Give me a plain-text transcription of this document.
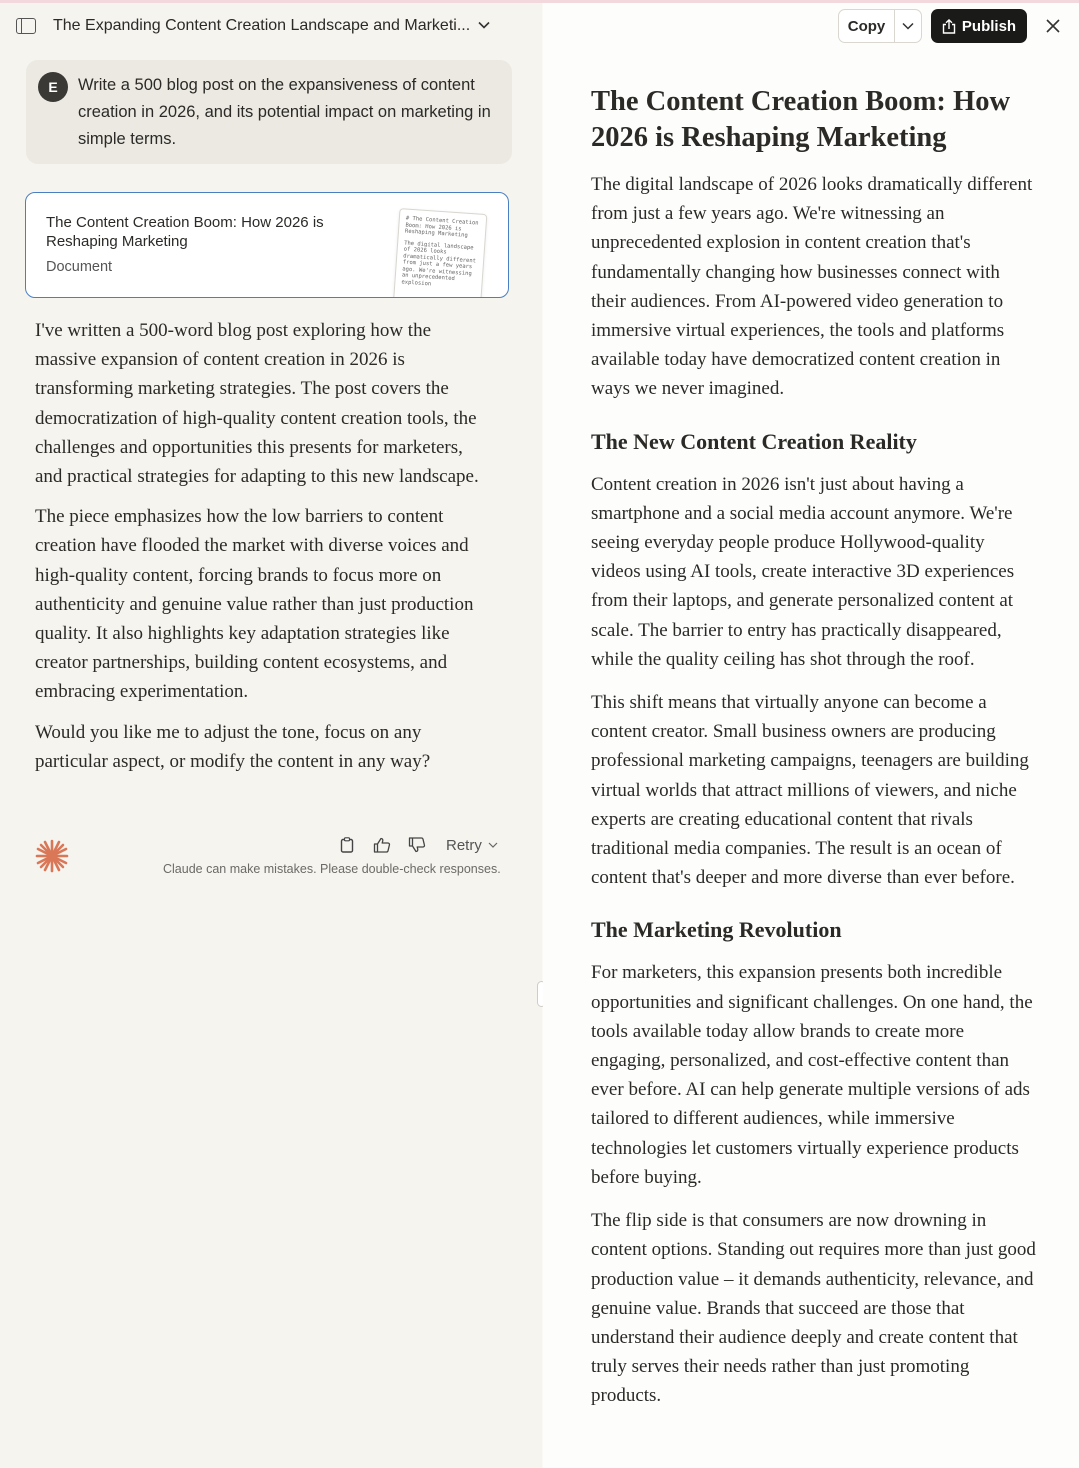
The Expanding Content Creation Landscape and Marketi...
E	Write a 500 blog post on the expansiveness of content creation in 2026, and its potential impact on marketing in simple terms.
The Content Creation Boom: How 2026 is Reshaping Marketing
Document

# The Content Creation Boom: How 2026 is Reshaping Marketing

The digital landscape of 2026 looks dramatically different from just a few years ago. We're witnessing an unprecedented explosion

I've written a 500-word blog post exploring how the massive expansion of content creation in 2026 is transforming marketing strategies. The post covers the democratization of high-quality content creation tools, the challenges and opportunities this presents for marketers, and practical strategies for adapting to this new landscape.

The piece emphasizes how the low barriers to content creation have flooded the market with diverse voices and high-quality content, forcing brands to focus more on authenticity and genuine value rather than just production quality. It also highlights key adaptation strategies like creator partnerships, building content ecosystems, and embracing experimentation.

Would you like me to adjust the tone, focus on any particular aspect, or modify the content in any way?

Retry
Claude can make mistakes. Please double-check responses.
Copy	Publish
The Content Creation Boom: How 2026 is Reshaping Marketing

The digital landscape of 2026 looks dramatically different from just a few years ago. We're witnessing an unprecedented explosion in content creation that's fundamentally changing how businesses connect with their audiences. From AI-powered video generation to immersive virtual experiences, the tools and platforms available today have democratized content creation in ways we never imagined.

The New Content Creation Reality

Content creation in 2026 isn't just about having a smartphone and a social media account anymore. We're seeing everyday people produce Hollywood-quality videos using AI tools, create interactive 3D experiences from their laptops, and generate personalized content at scale. The barrier to entry has practically disappeared, while the quality ceiling has shot through the roof.

This shift means that virtually anyone can become a content creator. Small business owners are producing professional marketing campaigns, teenagers are building virtual worlds that attract millions of viewers, and niche experts are creating educational content that rivals traditional media companies. The result is an ocean of content that's deeper and more diverse than ever before.

The Marketing Revolution

For marketers, this expansion presents both incredible opportunities and significant challenges. On one hand, the tools available today allow brands to create more engaging, personalized, and cost-effective content than ever before. AI can help generate multiple versions of ads tailored to different audiences, while immersive technologies let customers virtually experience products before buying.

The flip side is that consumers are now drowning in content options. Standing out requires more than just good production value – it demands authenticity, relevance, and genuine value. Brands that succeed are those that understand their audience deeply and create content that truly serves their needs rather than just promoting products.
